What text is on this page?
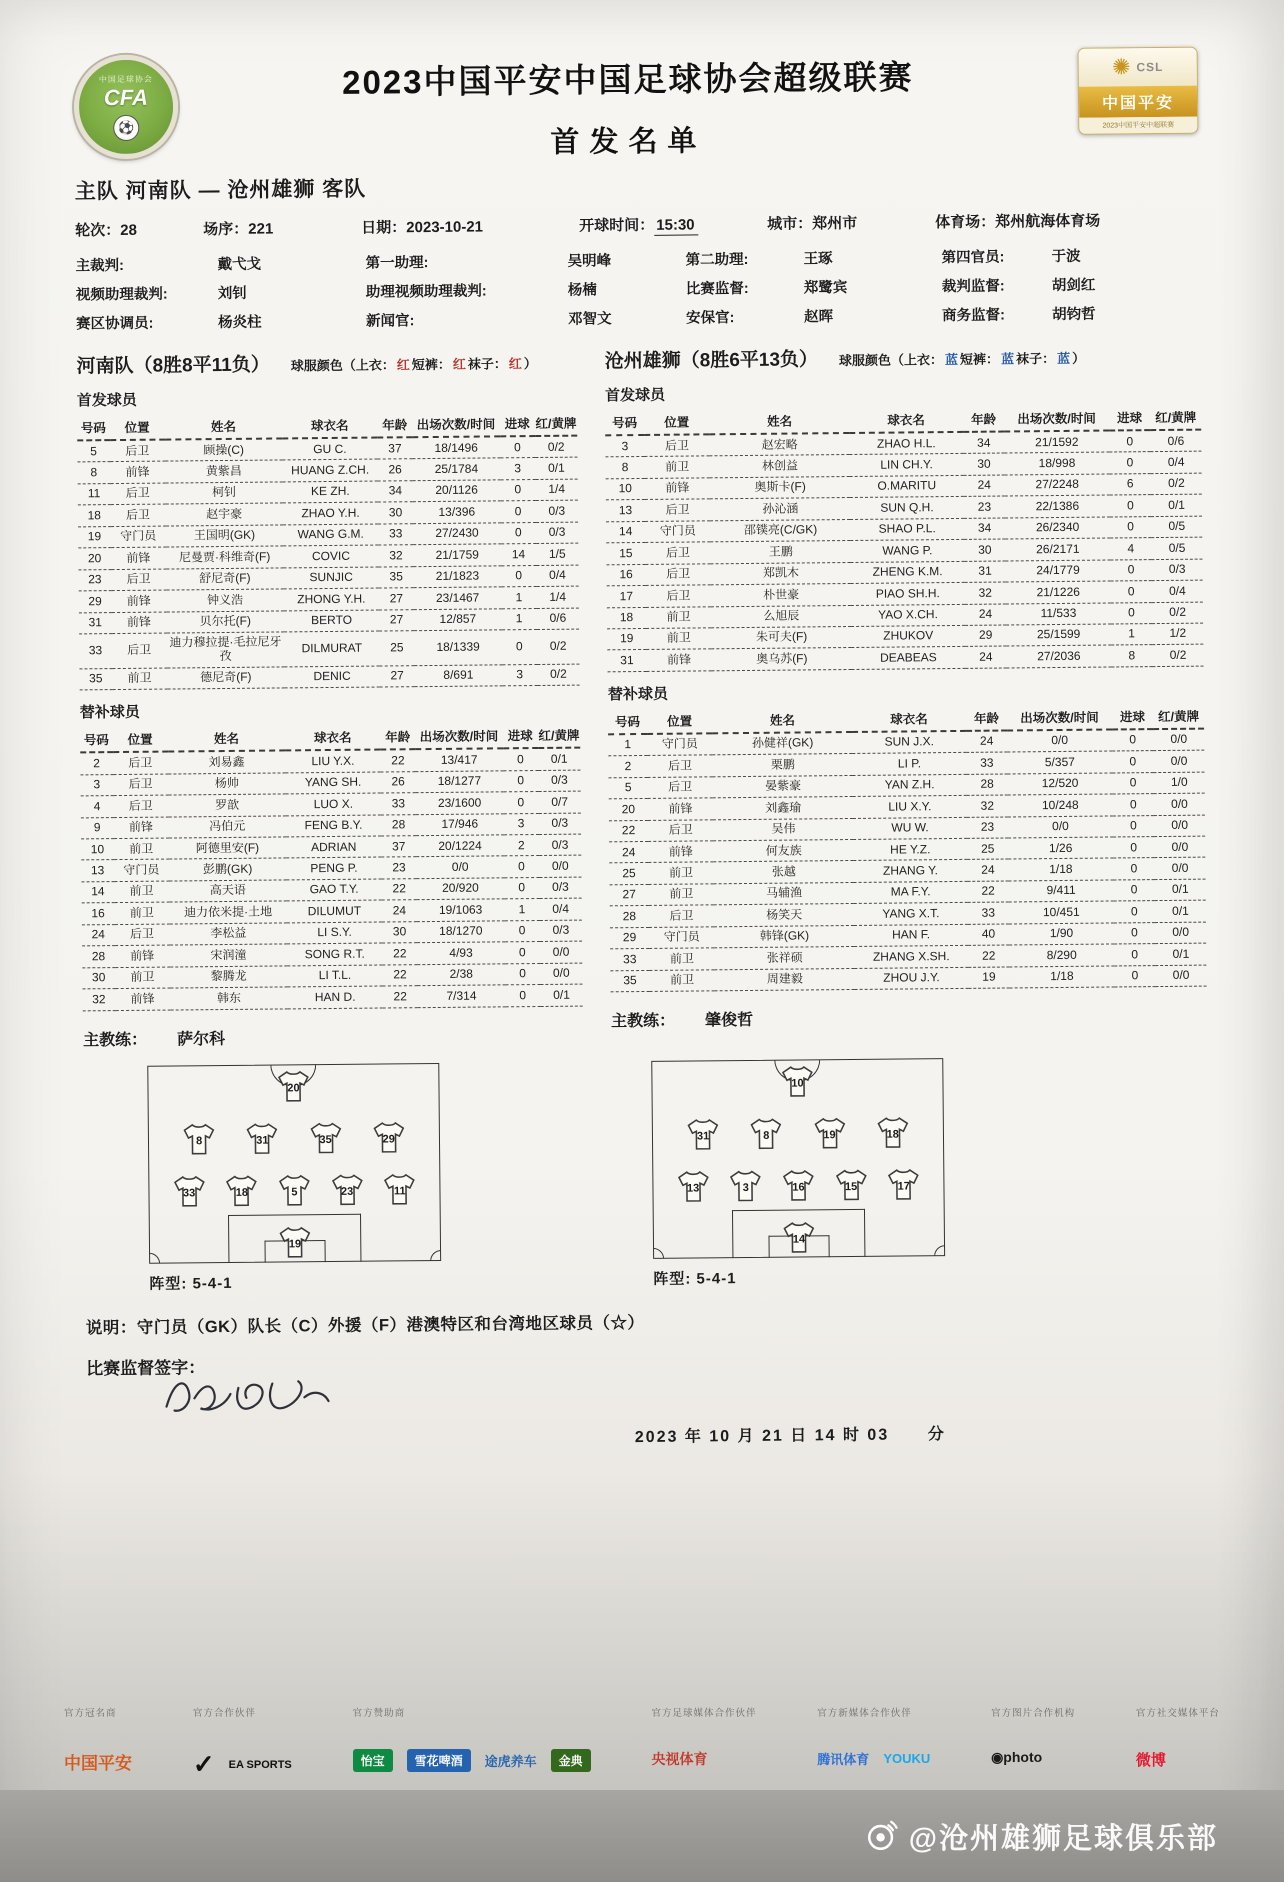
中国足球协会
CFA
⚽
2023中国平安中国足球协会超级联赛
首发名单
✺ CSL
中国平安
2023中国平安中超联赛
主队 河南队 — 沧州雄狮 客队
轮次：28	场序：221	日期：2023-10-21	开球时间： 15:30	城市：郑州市	体育场：郑州航海体育场
主裁判:	戴弋戈	第一助理:	吴明峰	第二助理:	王琢	第四官员:	于波
视频助理裁判:	刘钊	助理视频助理裁判:	杨楠	比赛监督:	郑鹭宾	裁判监督:	胡剑红
赛区协调员:	杨炎柱	新闻官:	邓智文	安保官:	赵晖	商务监督:	胡钧哲
河南队（8胜8平11负） 球服颜色（上衣： 红 短裤： 红 袜子： 红 ）
首发球员
号码	位置	姓名	球衣名	年龄	出场次数/时间	进球	红/黄牌
5	后卫	顾操(C)	GU C.	37	18/1496	0	0/2
8	前锋	黄紫昌	HUANG Z.CH.	26	25/1784	3	0/1
11	后卫	柯钊	KE ZH.	34	20/1126	0	1/4
18	后卫	赵宇豪	ZHAO Y.H.	30	13/396	0	0/3
19	守门员	王国明(GK)	WANG G.M.	33	27/2430	0	0/3
20	前锋	尼曼贾·科维奇(F)	COVIC	32	21/1759	14	1/5
23	后卫	舒尼奇(F)	SUNJIC	35	21/1823	0	0/4
29	前锋	钟义浩	ZHONG Y.H.	27	23/1467	1	1/4
31	前锋	贝尔托(F)	BERTO	27	12/857	1	0/6
33	后卫	迪力穆拉提·毛拉尼牙孜	DILMURAT	25	18/1339	0	0/2
35	前卫	德尼奇(F)	DENIC	27	8/691	3	0/2
替补球员
号码	位置	姓名	球衣名	年龄	出场次数/时间	进球	红/黄牌
2	后卫	刘易鑫	LIU Y.X.	22	13/417	0	0/1
3	后卫	杨帅	YANG SH.	26	18/1277	0	0/3
4	后卫	罗歆	LUO X.	33	23/1600	0	0/7
9	前锋	冯伯元	FENG B.Y.	28	17/946	3	0/3
10	前卫	阿德里安(F)	ADRIAN	37	20/1224	2	0/3
13	守门员	彭鹏(GK)	PENG P.	23	0/0	0	0/0
14	前卫	高天语	GAO T.Y.	22	20/920	0	0/3
16	前卫	迪力依米提·土地	DILUMUT	24	19/1063	1	0/4
24	后卫	李松益	LI S.Y.	30	18/1270	0	0/3
28	前锋	宋润潼	SONG R.T.	22	4/93	0	0/0
30	前卫	黎腾龙	LI T.L.	22	2/38	0	0/0
32	前锋	韩东	HAN D.	22	7/314	0	0/1
主教练： 萨尔科
沧州雄狮（8胜6平13负） 球服颜色（上衣： 蓝 短裤： 蓝 袜子： 蓝 ）
首发球员
号码	位置	姓名	球衣名	年龄	出场次数/时间	进球	红/黄牌
3	后卫	赵宏略	ZHAO H.L.	34	21/1592	0	0/6
8	前卫	林创益	LIN CH.Y.	30	18/998	0	0/4
10	前锋	奥斯卡(F)	O.MARITU	24	27/2248	6	0/2
13	后卫	孙沁涵	SUN Q.H.	23	22/1386	0	0/1
14	守门员	邵镤亮(C/GK)	SHAO P.L.	34	26/2340	0	0/5
15	后卫	王鹏	WANG P.	30	26/2171	4	0/5
16	后卫	郑凯木	ZHENG K.M.	31	24/1779	0	0/3
17	后卫	朴世豪	PIAO SH.H.	32	21/1226	0	0/4
18	前卫	么旭辰	YAO X.CH.	24	11/533	0	0/2
19	前卫	朱可夫(F)	ZHUKOV	29	25/1599	1	1/2
31	前锋	奥乌苏(F)	DEABEAS	24	27/2036	8	0/2
替补球员
号码	位置	姓名	球衣名	年龄	出场次数/时间	进球	红/黄牌
1	守门员	孙健祥(GK)	SUN J.X.	24	0/0	0	0/0
2	后卫	栗鹏	LI P.	33	5/357	0	0/0
5	后卫	晏紫豪	YAN Z.H.	28	12/520	0	1/0
20	前锋	刘鑫瑜	LIU X.Y.	32	10/248	0	0/0
22	后卫	吴伟	WU W.	23	0/0	0	0/0
24	前锋	何友族	HE Y.Z.	25	1/26	0	0/0
25	前卫	张越	ZHANG Y.	24	1/18	0	0/0
27	前卫	马辅渔	MA F.Y.	22	9/411	0	0/1
28	后卫	杨笑天	YANG X.T.	33	10/451	0	0/1
29	守门员	韩锋(GK)	HAN F.	40	1/90	0	0/0
33	前卫	张祥硕	ZHANG X.SH.	22	8/290	0	0/1
35	前卫	周建毅	ZHOU J.Y.	19	1/18	0	0/0
主教练： 肇俊哲
20
8	31	35	29
33	18	5	23	11
19
阵型: 5-4-1
10
31	8	19	18
13	3	16	15	17
14
阵型: 5-4-1
说明：守门员（GK）队长（C）外援（F）港澳特区和台湾地区球员（☆）
比赛监督签字：
2023 年 10 月 21 日 14 时 03      分
官方冠名商
中国平安
官方合作伙伴
✓ EA SPORTS
官方赞助商
怡宝	雪花啤酒	途虎养车	金典
官方足球媒体合作伙伴
央视体育
官方新媒体合作伙伴
腾讯体育 YOUKU
官方图片合作机构
◉photo
官方社交媒体平台
微博
@沧州雄狮足球俱乐部
